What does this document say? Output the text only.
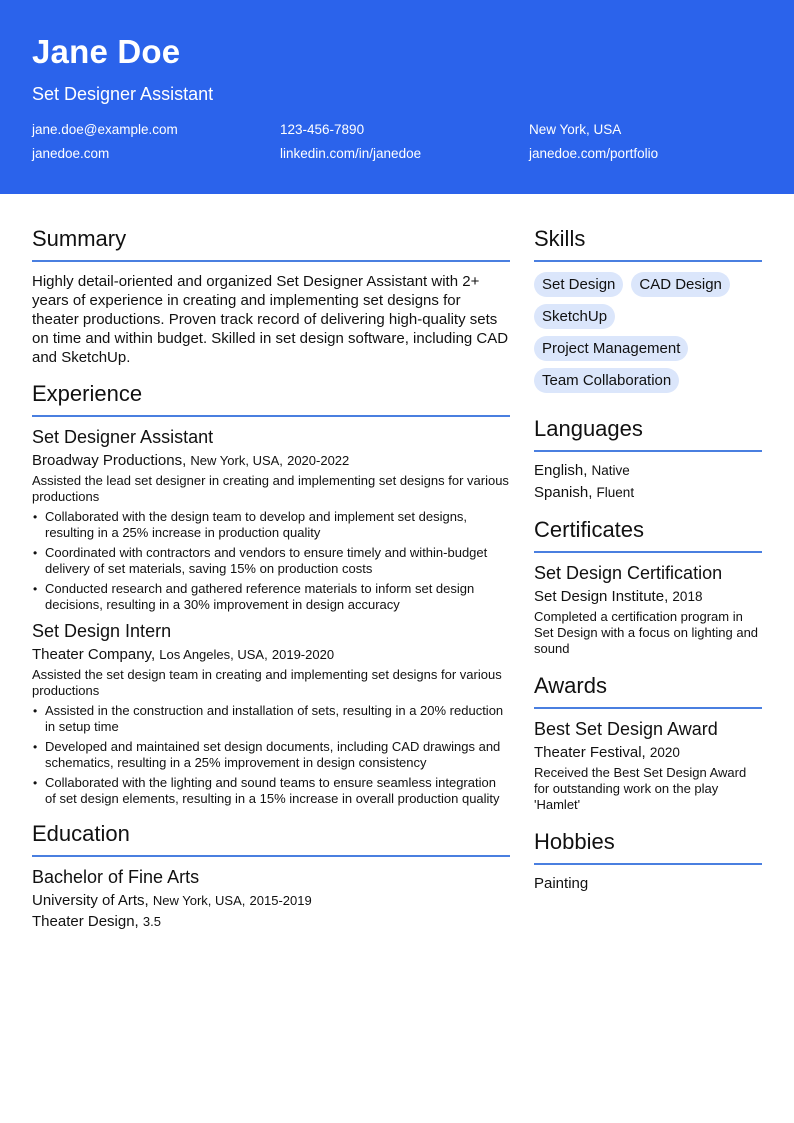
Jane Doe
Set Designer Assistant
jane.doe@example.com	123-456-7890	New York, USA
janedoe.com	linkedin.com/in/janedoe	janedoe.com/portfolio
Summary
Highly detail-oriented and organized Set Designer Assistant with 2+ years of experience in creating and implementing set designs for theater productions. Proven track record of delivering high-quality sets on time and within budget. Skilled in set design software, including CAD and SketchUp.
Experience
Set Designer Assistant
Broadway Productions, New York, USA, 2020-2022
Assisted the lead set designer in creating and implementing set designs for various productions
• Collaborated with the design team to develop and implement set designs, resulting in a 25% increase in production quality
• Coordinated with contractors and vendors to ensure timely and within-budget delivery of set materials, saving 15% on production costs
• Conducted research and gathered reference materials to inform set design decisions, resulting in a 30% improvement in design accuracy
Set Design Intern
Theater Company, Los Angeles, USA, 2019-2020
Assisted the set design team in creating and implementing set designs for various productions
• Assisted in the construction and installation of sets, resulting in a 20% reduction in setup time
• Developed and maintained set design documents, including CAD drawings and schematics, resulting in a 25% improvement in design consistency
• Collaborated with the lighting and sound teams to ensure seamless integration of set design elements, resulting in a 15% increase in overall production quality
Education
Bachelor of Fine Arts
University of Arts, New York, USA, 2015-2019
Theater Design, 3.5
Skills
Set Design	CAD Design
SketchUp
Project Management
Team Collaboration
Languages
English, Native
Spanish, Fluent
Certificates
Set Design Certification
Set Design Institute, 2018
Completed a certification program in Set Design with a focus on lighting and sound
Awards
Best Set Design Award
Theater Festival, 2020
Received the Best Set Design Award for outstanding work on the play 'Hamlet'
Hobbies
Painting
